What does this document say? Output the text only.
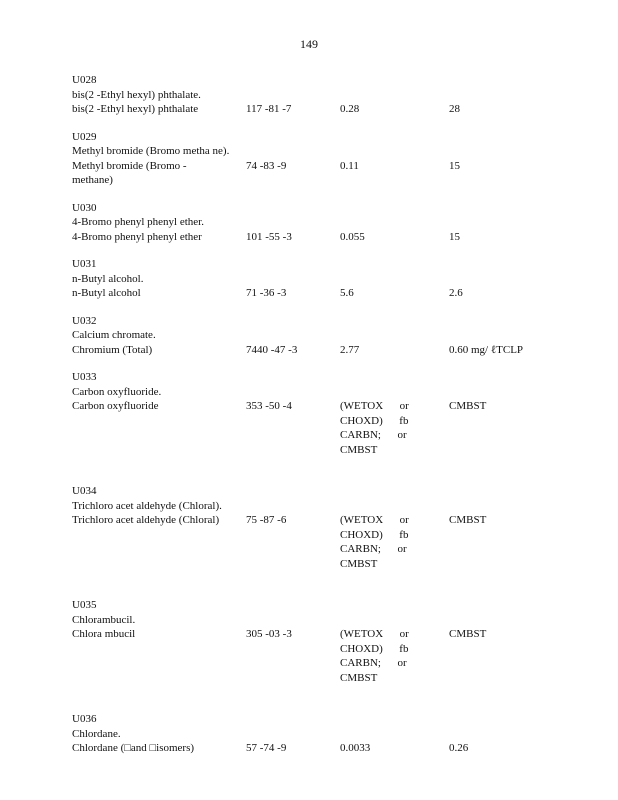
149
U028
bis(2 -Ethyl hexyl) phthalate.
bis(2 -Ethyl hexyl) phthalate	117 -81 -7	0.28	28
U029
Methyl bromide (Bromo metha ne).
Methyl bromide (Bromo -
methane)
74 -83 -9	0.11	15
U030
4-Bromo phenyl phenyl ether.
4-Bromo phenyl phenyl ether	101 -55 -3	0.055	15
U031
n-Butyl alcohol.
n-Butyl alcohol	71 -36 -3	5.6	2.6
U032
Calcium chromate.
Chromium (Total)	7440 -47 -3	2.77	0.60 mg/ ℓTCLP
U033
Carbon oxyfluoride.
Carbon oxyfluoride	353 -50 -4	(WETOX      or
CHOXD)      fb
CARBN;      or
CMBST
CMBST
U034
Trichloro acet aldehyde (Chloral).
Trichloro acet aldehyde (Chloral)	75 -87 -6	(WETOX      or
CHOXD)      fb
CARBN;      or
CMBST
CMBST
U035
Chlorambucil.
Chlora mbucil	305 -03 -3	(WETOX      or
CHOXD)      fb
CARBN;      or
CMBST
CMBST
U036
Chlordane.
Chlordane (□and □isomers)	57 -74 -9	0.0033	0.26
